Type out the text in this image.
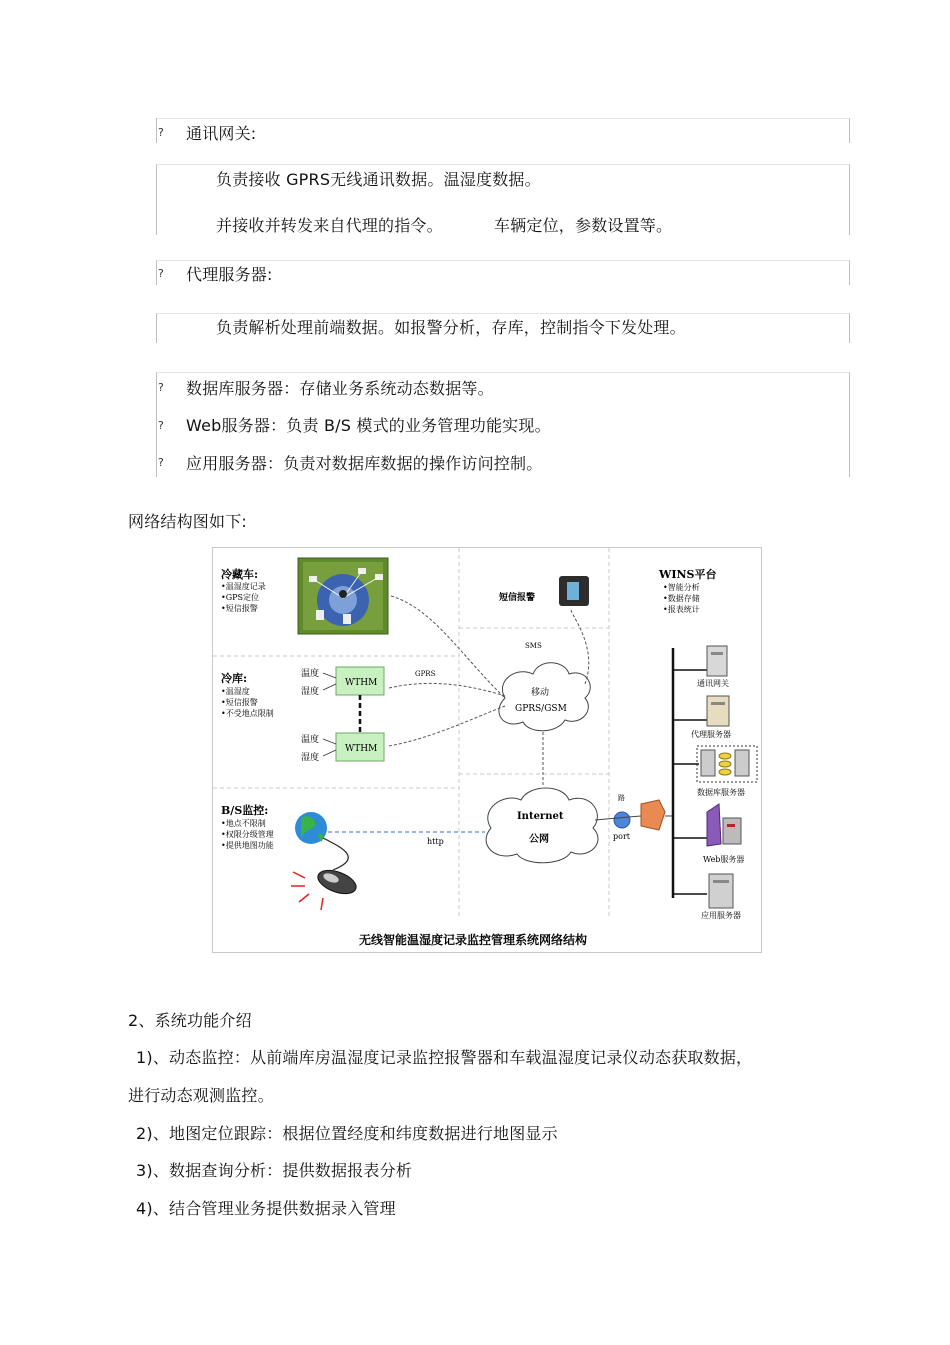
? 通讯网关:
负责接收 GPRS无线通讯数据。温湿度数据。
并接收并转发来自代理的指令。	车辆定位，参数设置等。
? 代理服务器:
负责解析处理前端数据。如报警分析，存库，控制指令下发处理。
? 数据库服务器：存储业务系统动态数据等。
? Web服务器：负责 B/S 模式的业务管理功能实现。
? 应用服务器：负责对数据库数据的操作访问控制。
网络结构图如下:
冷藏车:
•温湿度记录
•GPS定位
•短信报警
冷库:
•温湿度
•短信报警
•不受地点限制
B/S监控:
•地点不限制
•权限分级管理
•提供地图功能
短信报警
SMS
WINS平台
•智能分析
•数据存储
•报表统计
WTHM
WTHM
温度
湿度
温度
湿度
GPRS
移动
GPRS/GSM
Internet
公网
http
路
port
通讯网关
代理服务器
数据库服务器
Web服务器
应用服务器
无线智能温湿度记录监控管理系统网络结构
2、系统功能介绍
1)、动态监控：从前端库房温湿度记录监控报警器和车载温湿度记录仪动态获取数据，
进行动态观测监控。
2)、地图定位跟踪：根据位置经度和纬度数据进行地图显示
3)、数据查询分析：提供数据报表分析
4)、结合管理业务提供数据录入管理
